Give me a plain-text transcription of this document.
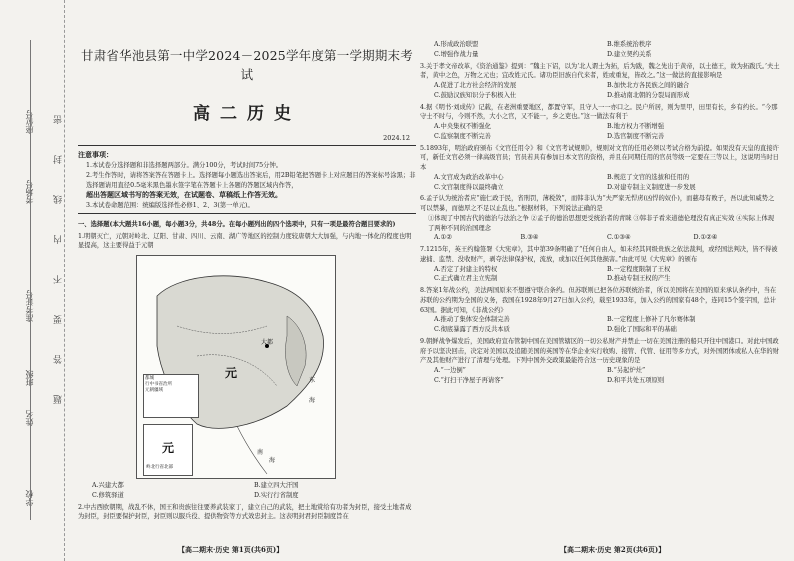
密
封
线
内
不
要
答
题
甘肃省华池县第一中学2024－2025学年度第一学期期末考试
高二历史
2024.12
注意事项：

1.本试卷分选择题和非选择题两部分。满分100分，考试时间75分钟。

2.考生作答时，请将答案答在答题卡上。选择题每小题选出答案后，用2B铅笔把答题卡上对应题目的答案标号涂黑；非选择题请用直径0.5毫米黑色墨水签字笔在答题卡上各题的答题区域内作答，

超出答题区域书写的答案无效，在试题卷、草稿纸上作答无效。

3.本试卷命题范围：统编版选择性必修1、2、3(第一单元)。

一、选择题(本大题共16小题，每小题3分，共48分。在每小题列出的四个选项中，只有一项是最符合题目要求的)

1.明朝灭亡，元朝对岭北、辽阳、甘肃、四川、云南、湖广等地区的控制力度较唐朝大大加强，与内地一体化的程度也明显提高，这主要得益于元朝

大都
元
东
海
南
海
都城
行中书省治所
元朝疆域
元
岭北行省北部
A.兴建大都	B.建立四大汗国
C.修筑驿道	D.实行行省制度

2.中古西欧朝期，战乱不休，国王和贵族往往要养武装家丁，建立自己的武装，把土地赏给有功者为封臣，接受土地者成为封臣，封臣要保护封臣，封臣则以服兵役、提供物资等方式效忠封主。这表明封君封臣制度旨在

【高二期末·历史 第1页(共6页)】
A.形成政治联盟	B.维系统治秩序
C.增强作战力量	D.建立契约关系

3.关于孝文帝改革，《资治通鉴》提到：“魏主下诏，以为‘北人谓土为拓，后为跋，魏之先出于黄帝，以土德王，故为拓跋氏。’夫土者，黄中之色，万物之元也；宜改姓元氏。诸功臣旧族自代来者，姓或重复，皆改之。”这一做法的直接影响是

A.促进了北方社会经济的发展	B.加快北方各民族之间的融合
C.鼓励汉族知识分子积极入仕	D.推动南北朝的分裂局面形成

4.据《明书·刘成传》记载，在老洲重要地区，都置守军，且守人一一亦口之。民户所居，则为里甲，田里有长，乡有约长。“今那守士不时与，今则不然，大小之官，又不能一，乡之吏也。”这一做法有利于

A.中央集权不断强化	B.地方权力不断增强
C.监察制度不断完善	D.选官制度不断完善

5.1893年，明治政府颁布《文官任用令》和《文官考试规则》，规则对文官的任用必须以考试合格为前提。如果没有天皇的直接许可，新任文官必须一律高级官员；官员若具有参加日本文官的资格，并且在同期任用的官员等级一定要在三等以上，这说明当时日本

A.文官成为政治改革中心	B.规范了文官的选拔和任用的
C.文官制度得以最终确立	D.对建专制主义制度进一步发展

6.孟子认为统治者应“施仁政于民，省刑罚，薄税敛”，而韩非认为“夫严家无悍虏(凶悍的奴仆)，而慈母有败子，吾以此知威势之可以禁暴，而德厚之不足以止乱也。”根据材料，下列说法正确的是

①体现了中国古代的德治与法治之争 ②孟子的德治思想更受统治者的青睐 ③韩非子看来道德伦理没有真正实效 ④实际上体现了两种不同的治国理念

A.①②	B.③④	C.①③④	D.①②④

7.1215年，英王约翰签署《大宪章》，其中第39条明确了“任何自由人，如未经其同级贵族之依法裁判，或经国法判决，皆不得被逮捕、监禁、没收财产，剥夺法律保护权，流放，或加以任何其他损害。”由此可见《大宪章》的颁布

A.否定了封建主的特权	B.一定程度限制了王权
C.正式确立君主立宪制	D.推动专制王权的产生

8.答案1年战公约，美法两国原来不想遵守联合条约。但苏联则已把各位苏联统治者，所以美国将在美国的原来承认条约中，当在苏联的公约期为全国的义务，我国在1928年9月27日加入公约，载至1933年，加入公约的国家有48个，连同15个签字国，总计63国。据此可知，《非战公约》

A.推动了集体安全体制完善	B.一定程度上修补了凡尔赛体制
C.彻底暴露了西方反共本质	D.强化了国际和平的基础

9.朝鲜战争爆发后，美国政府宣布管制中国在美国管辖区的一切公私财产并禁止一切在美国注册的船只开往中国港口。对此中国政府予以坚决回击，决定对美国以及追随美国的英国等在华企业实行收购、接管、代管、征用等多方式，对外国团体或私人在华的财产及其他财产进行了清理与处理。下列中国外交政策最能符合这一历史现象的是

A.“一边倒”	B.“另起炉灶”
C.“打扫干净屋子再请客”	D.和平共处五项原则
【高二期末·历史 第2页(共6页)】
